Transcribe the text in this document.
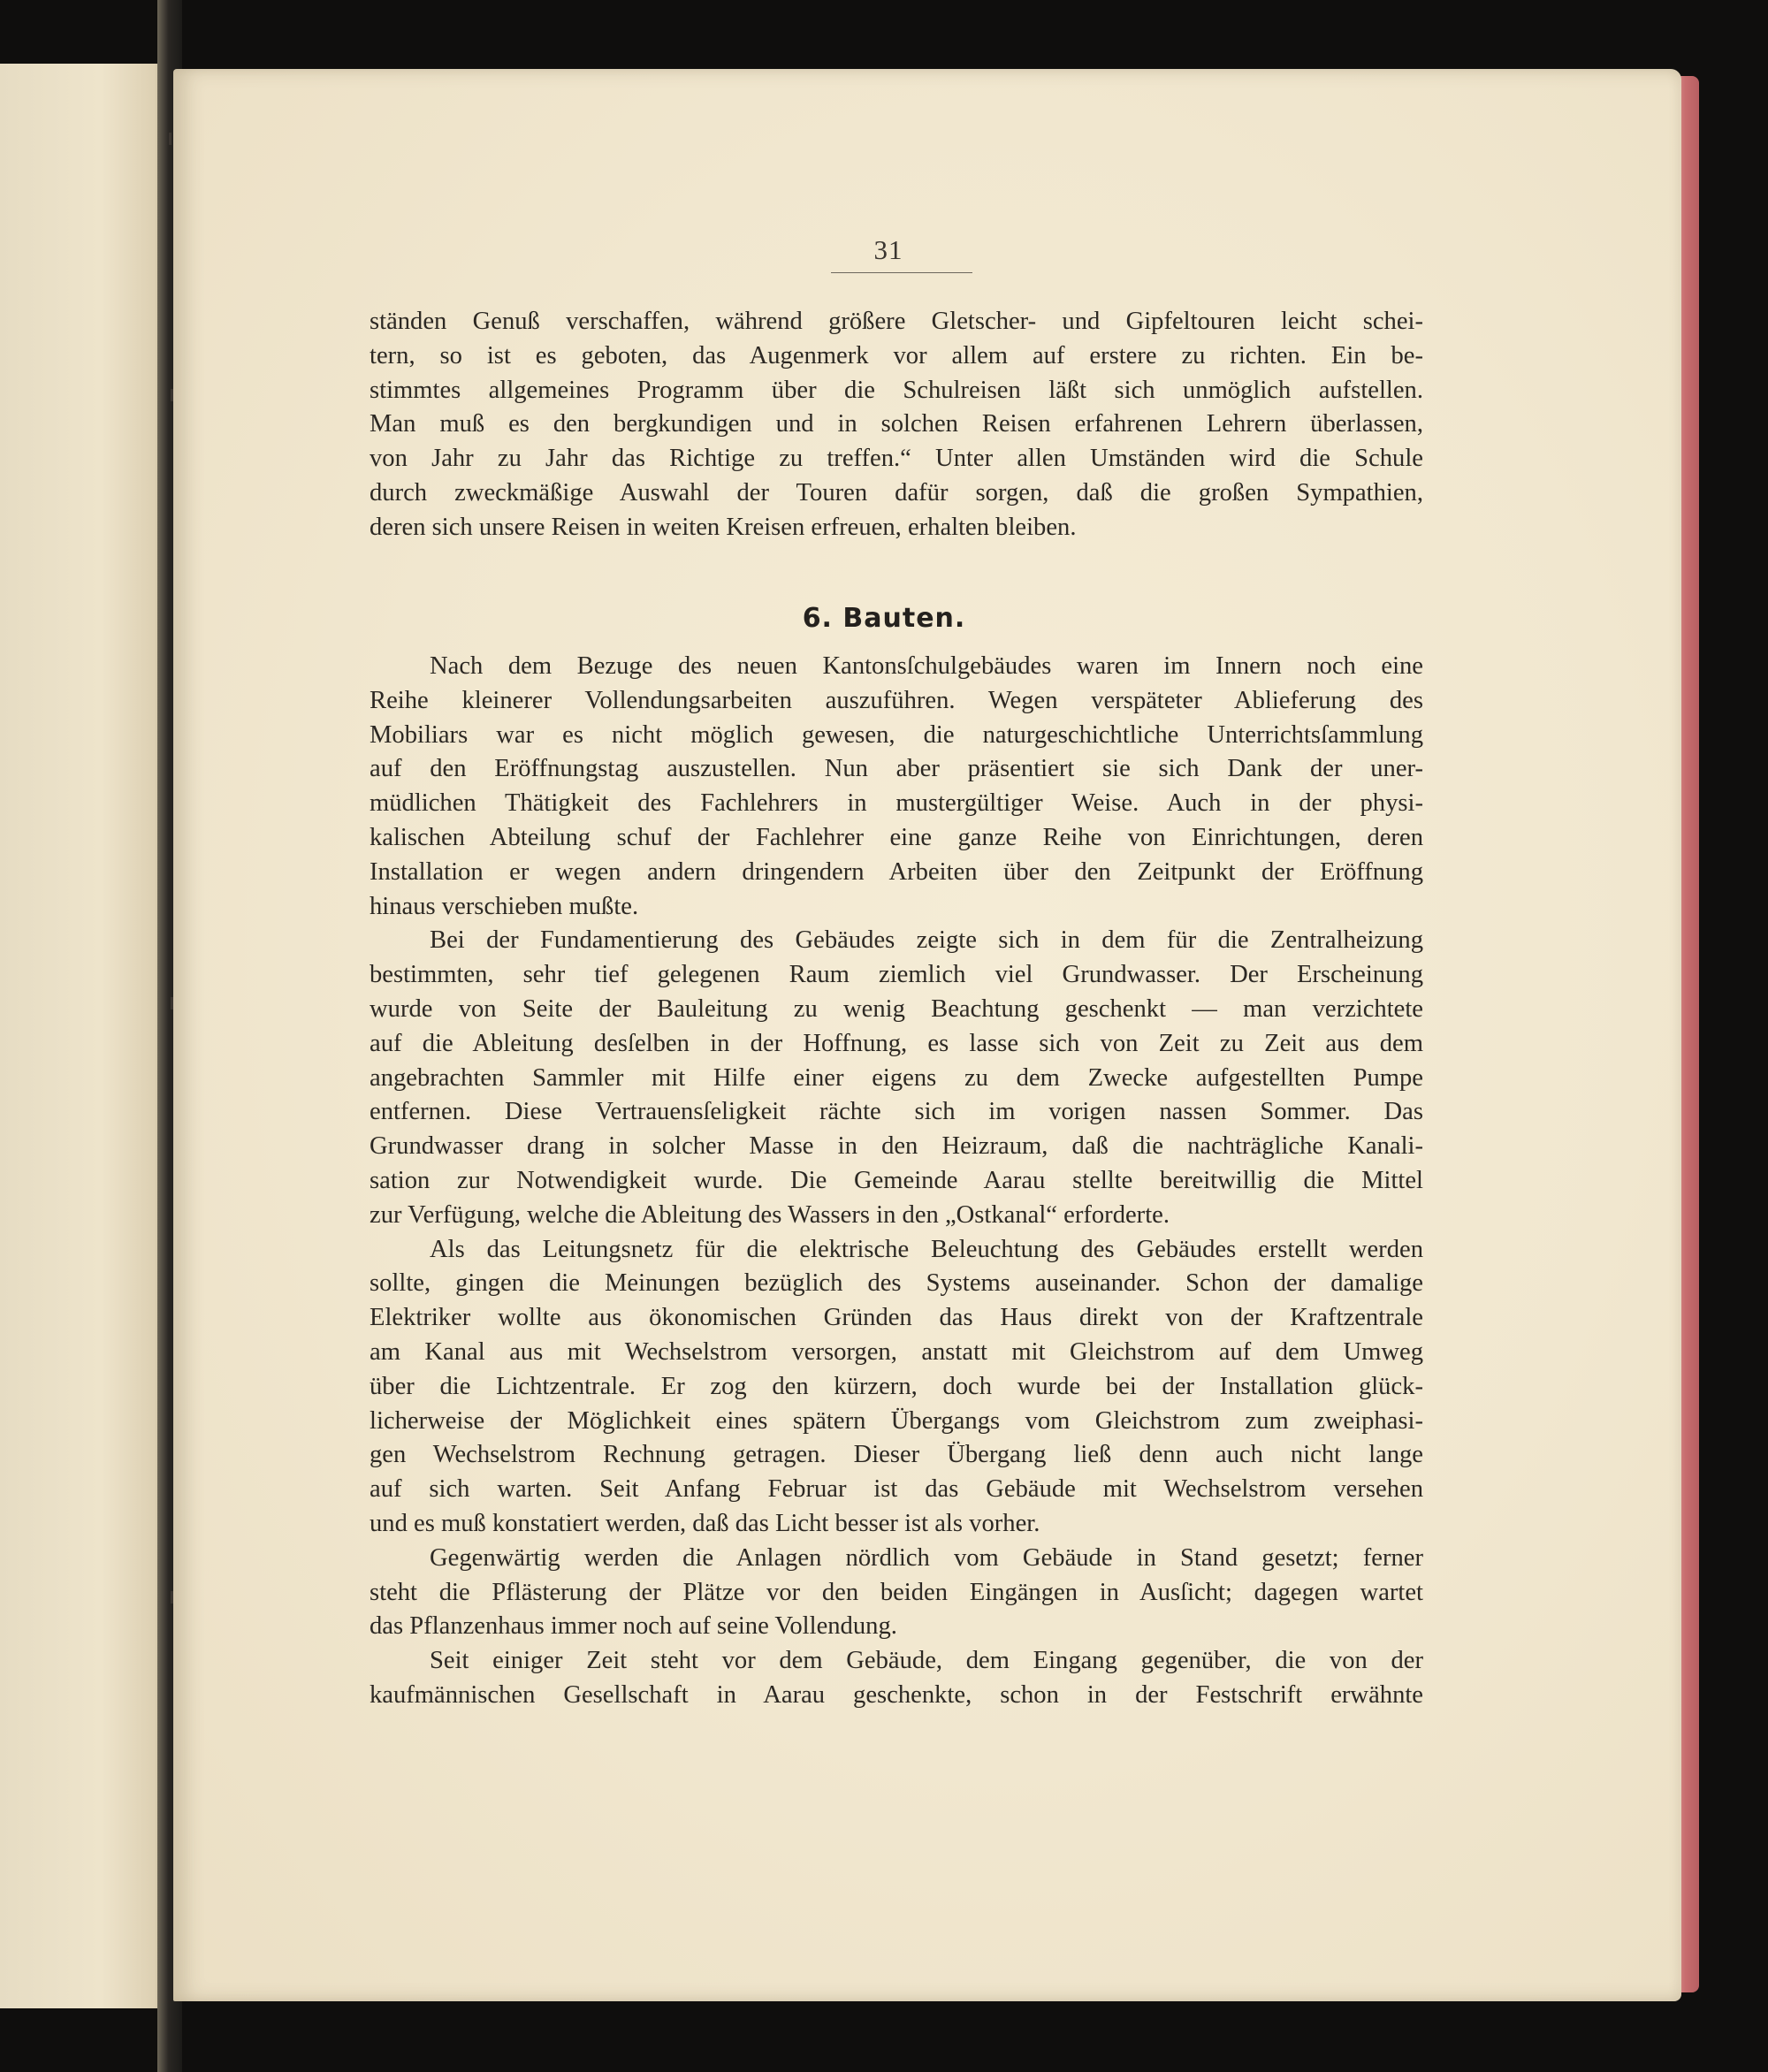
31
ständen Genuß verschaffen, während größere Gletscher- und Gipfeltouren leicht schei-
tern, so ist es geboten, das Augenmerk vor allem auf erstere zu richten. Ein be-
stimmtes allgemeines Programm über die Schulreisen läßt sich unmöglich aufstellen.
Man muß es den bergkundigen und in solchen Reisen erfahrenen Lehrern überlassen,
von Jahr zu Jahr das Richtige zu treffen.“ Unter allen Umständen wird die Schule
durch zweckmäßige Auswahl der Touren dafür sorgen, daß die großen Sympathien,
deren sich unsere Reisen in weiten Kreisen erfreuen, erhalten bleiben.
6. Bauten.
Nach dem Bezuge des neuen Kantonsſchulgebäudes waren im Innern noch eine
Reihe kleinerer Vollendungsarbeiten auszuführen. Wegen verspäteter Ablieferung des
Mobiliars war es nicht möglich gewesen, die naturgeschichtliche Unterrichtsſammlung
auf den Eröffnungstag auszustellen. Nun aber präsentiert sie sich Dank der uner-
müdlichen Thätigkeit des Fachlehrers in mustergültiger Weise. Auch in der physi-
kalischen Abteilung schuf der Fachlehrer eine ganze Reihe von Einrichtungen, deren
Installation er wegen andern dringendern Arbeiten über den Zeitpunkt der Eröffnung
hinaus verschieben mußte.
Bei der Fundamentierung des Gebäudes zeigte sich in dem für die Zentralheizung
bestimmten, sehr tief gelegenen Raum ziemlich viel Grundwasser. Der Erscheinung
wurde von Seite der Bauleitung zu wenig Beachtung geschenkt — man verzichtete
auf die Ableitung desſelben in der Hoffnung, es lasse sich von Zeit zu Zeit aus dem
angebrachten Sammler mit Hilfe einer eigens zu dem Zwecke aufgestellten Pumpe
entfernen. Diese Vertrauensſeligkeit rächte sich im vorigen nassen Sommer. Das
Grundwasser drang in solcher Masse in den Heizraum, daß die nachträgliche Kanali-
sation zur Notwendigkeit wurde. Die Gemeinde Aarau stellte bereitwillig die Mittel
zur Verfügung, welche die Ableitung des Wassers in den „Ostkanal“ erforderte.
Als das Leitungsnetz für die elektrische Beleuchtung des Gebäudes erstellt werden
sollte, gingen die Meinungen bezüglich des Systems auseinander. Schon der damalige
Elektriker wollte aus ökonomischen Gründen das Haus direkt von der Kraftzentrale
am Kanal aus mit Wechselstrom versorgen, anstatt mit Gleichstrom auf dem Umweg
über die Lichtzentrale. Er zog den kürzern, doch wurde bei der Installation glück-
licherweise der Möglichkeit eines spätern Übergangs vom Gleichstrom zum zweiphasi-
gen Wechselstrom Rechnung getragen. Dieser Übergang ließ denn auch nicht lange
auf sich warten. Seit Anfang Februar ist das Gebäude mit Wechselstrom versehen
und es muß konstatiert werden, daß das Licht besser ist als vorher.
Gegenwärtig werden die Anlagen nördlich vom Gebäude in Stand gesetzt; ferner
steht die Pflästerung der Plätze vor den beiden Eingängen in Ausſicht; dagegen wartet
das Pflanzenhaus immer noch auf seine Vollendung.
Seit einiger Zeit steht vor dem Gebäude, dem Eingang gegenüber, die von der
kaufmännischen Gesellschaft in Aarau geschenkte, schon in der Festschrift erwähnte
